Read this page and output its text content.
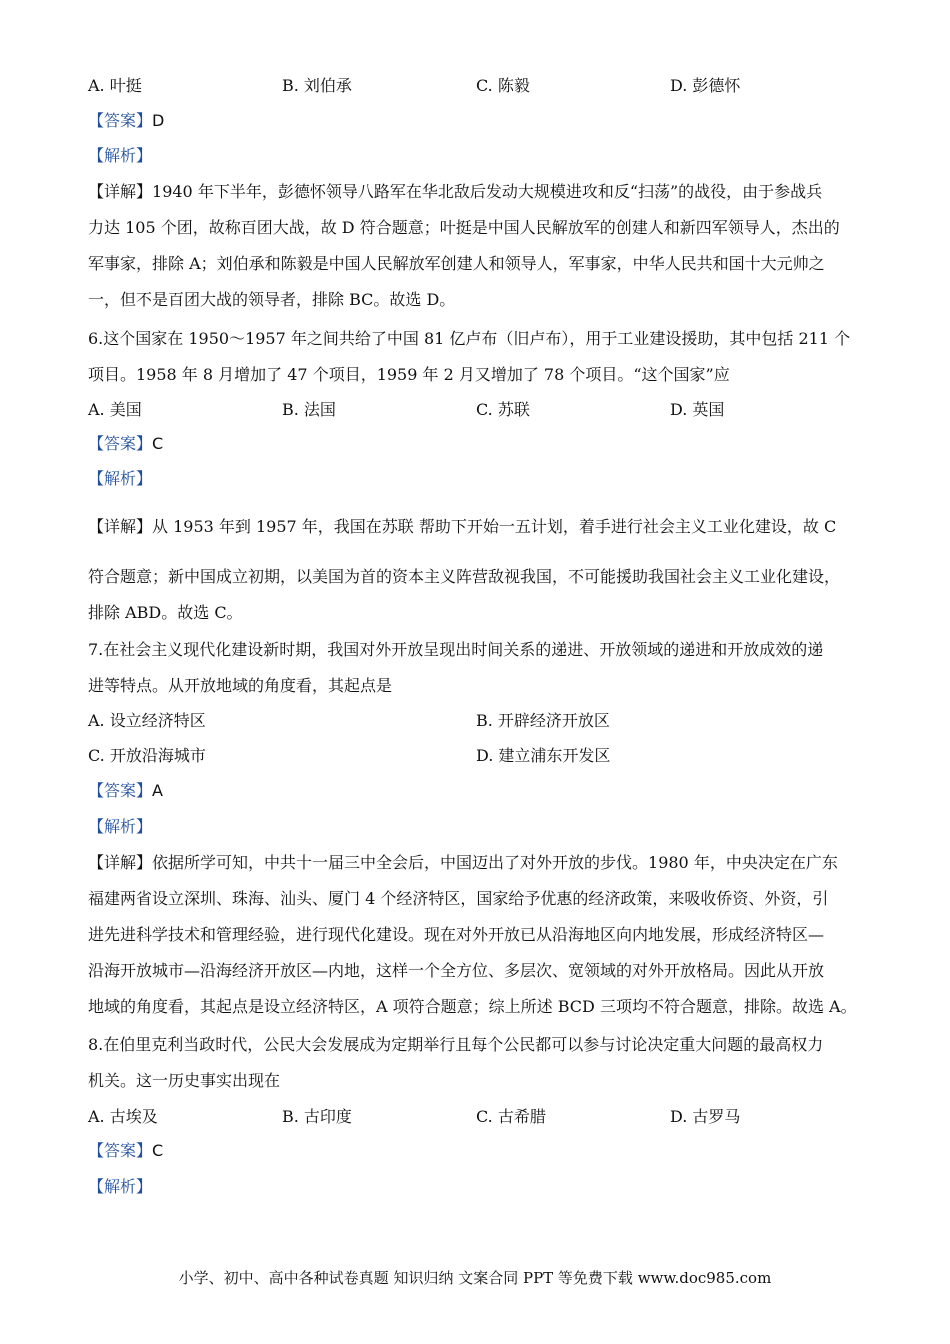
A. 叶挺	B. 刘伯承	C. 陈毅	D. 彭德怀
【答案】D
【解析】
【详解】1940 年下半年，彭德怀领导八路军在华北敌后发动大规模进攻和反“扫荡”的战役，由于参战兵
力达 105 个团，故称百团大战，故 D 符合题意；叶挺是中国人民解放军的创建人和新四军领导人，杰出的
军事家，排除 A；刘伯承和陈毅是中国人民解放军创建人和领导人，军事家，中华人民共和国十大元帅之
一，但不是百团大战的领导者，排除 BC。故选 D。
6.这个国家在 1950～1957 年之间共给了中国 81 亿卢布（旧卢布），用于工业建设援助，其中包括 211 个
项目。1958 年 8 月增加了 47 个项目，1959 年 2 月又增加了 78 个项目。“这个国家”应
A. 美国	B. 法国	C. 苏联	D. 英国
【答案】C
【解析】
【详解】从 1953 年到 1957 年，我国在苏联 帮助下开始一五计划，着手进行社会主义工业化建设，故 C
符合题意；新中国成立初期，以美国为首的资本主义阵营敌视我国，不可能援助我国社会主义工业化建设，
排除 ABD。故选 C。
7.在社会主义现代化建设新时期，我国对外开放呈现出时间关系的递进、开放领域的递进和开放成效的递
进等特点。从开放地域的角度看，其起点是
A. 设立经济特区	B. 开辟经济开放区
C. 开放沿海城市	D. 建立浦东开发区
【答案】A
【解析】
【详解】依据所学可知，中共十一届三中全会后，中国迈出了对外开放的步伐。1980 年，中央决定在广东
福建两省设立深圳、珠海、汕头、厦门 4 个经济特区，国家给予优惠的经济政策，来吸收侨资、外资，引
进先进科学技术和管理经验，进行现代化建设。现在对外开放已从沿海地区向内地发展，形成经济特区—
沿海开放城市—沿海经济开放区—内地，这样一个全方位、多层次、宽领域的对外开放格局。因此从开放
地域的角度看，其起点是设立经济特区，A 项符合题意；综上所述 BCD 三项均不符合题意，排除。故选 A。
8.在伯里克利当政时代，公民大会发展成为定期举行且每个公民都可以参与讨论决定重大问题的最高权力
机关。这一历史事实出现在
A. 古埃及	B. 古印度	C. 古希腊	D. 古罗马
【答案】C
【解析】
小学、初中、高中各种试卷真题 知识归纳 文案合同 PPT 等免费下载 www.doc985.com
